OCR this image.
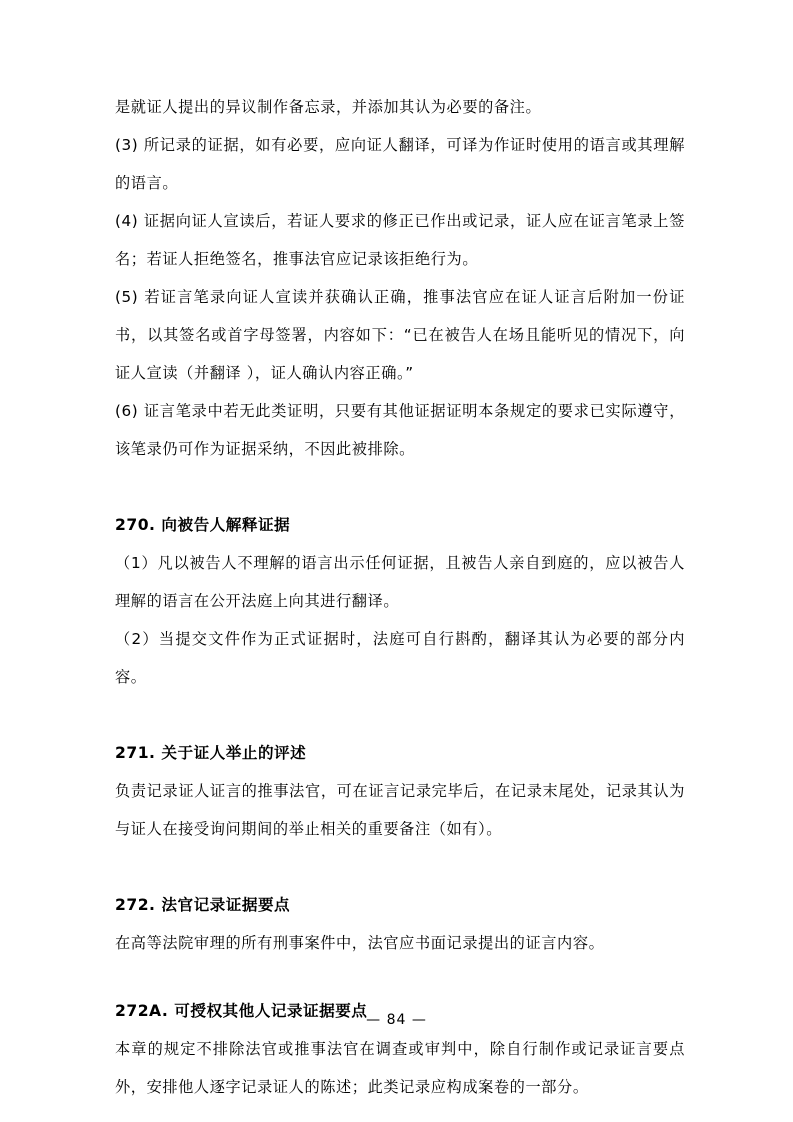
是就证人提出的异议制作备忘录，并添加其认为必要的备注。

(3) 所记录的证据，如有必要，应向证人翻译，可译为作证时使用的语言或其理解的语言。

(4) 证据向证人宣读后，若证人要求的修正已作出或记录，证人应在证言笔录上签名；若证人拒绝签名，推事法官应记录该拒绝行为。

(5) 若证言笔录向证人宣读并获确认正确，推事法官应在证人证言后附加一份证书，以其签名或首字母签署，内容如下：“已在被告人在场且能听见的情况下，向证人宣读（并翻译 ），证人确认内容正确。”

(6) 证言笔录中若无此类证明，只要有其他证据证明本条规定的要求已实际遵守，该笔录仍可作为证据采纳，不因此被排除。

270. 向被告人解释证据

（1）凡以被告人不理解的语言出示任何证据，且被告人亲自到庭的，应以被告人理解的语言在公开法庭上向其进行翻译。

（2）当提交文件作为正式证据时，法庭可自行斟酌，翻译其认为必要的部分内容。

271. 关于证人举止的评述

负责记录证人证言的推事法官，可在证言记录完毕后，在记录末尾处，记录其认为与证人在接受询问期间的举止相关的重要备注（如有）。

272. 法官记录证据要点

在高等法院审理的所有刑事案件中，法官应书面记录提出的证言内容。

272A. 可授权其他人记录证据要点

本章的规定不排除法官或推事法官在调查或审判中，除自行制作或记录证言要点外，安排他人逐字记录证人的陈述；此类记录应构成案卷的一部分。

— 84 —
